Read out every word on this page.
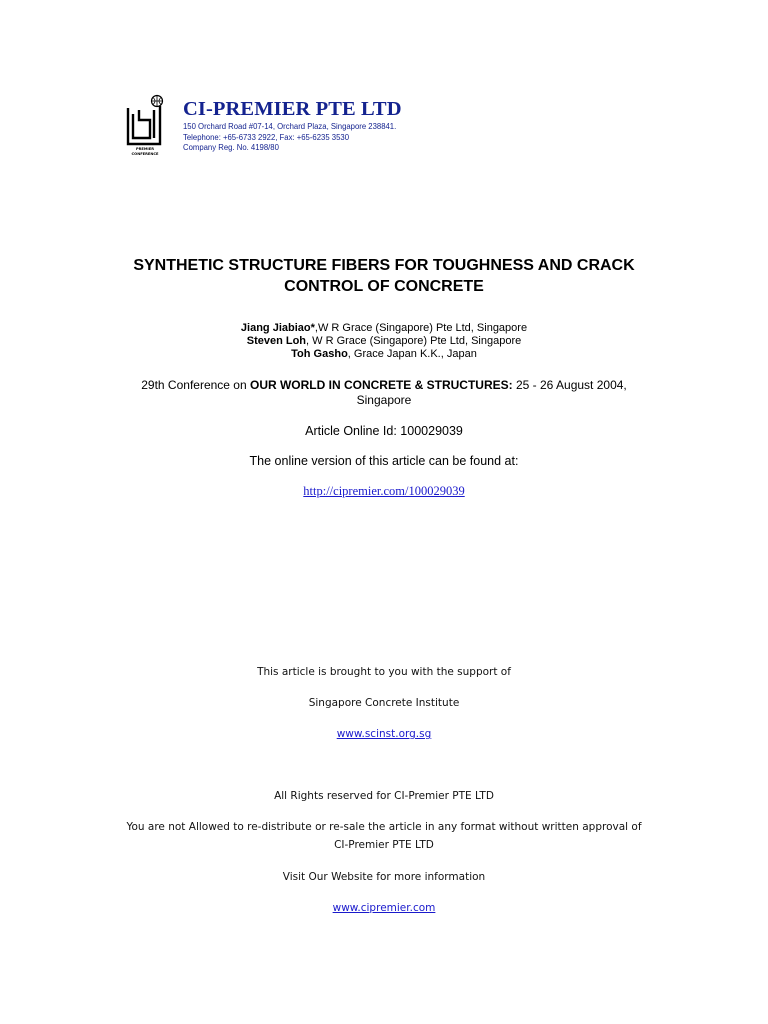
PREMIER
CONFERENCE
CI-PREMIER PTE LTD
150 Orchard Road #07-14, Orchard Plaza, Singapore 238841.
Telephone: +65-6733 2922, Fax: +65-6235 3530
Company Reg. No. 4198/80
SYNTHETIC STRUCTURE FIBERS FOR TOUGHNESS AND CRACK
CONTROL OF CONCRETE
Jiang Jiabiao*,W R Grace (Singapore) Pte Ltd, Singapore
Steven Loh, W R Grace (Singapore) Pte Ltd, Singapore
Toh Gasho, Grace Japan K.K., Japan
29th Conference on OUR WORLD IN CONCRETE & STRUCTURES: 25 - 26 August 2004,
Singapore
Article Online Id: 100029039
The online version of this article can be found at:
http://cipremier.com/100029039
This article is brought to you with the support of
Singapore Concrete Institute
www.scinst.org.sg
All Rights reserved for CI-Premier PTE LTD
You are not Allowed to re-distribute or re-sale the article in any format without written approval of
CI-Premier PTE LTD
Visit Our Website for more information
www.cipremier.com
